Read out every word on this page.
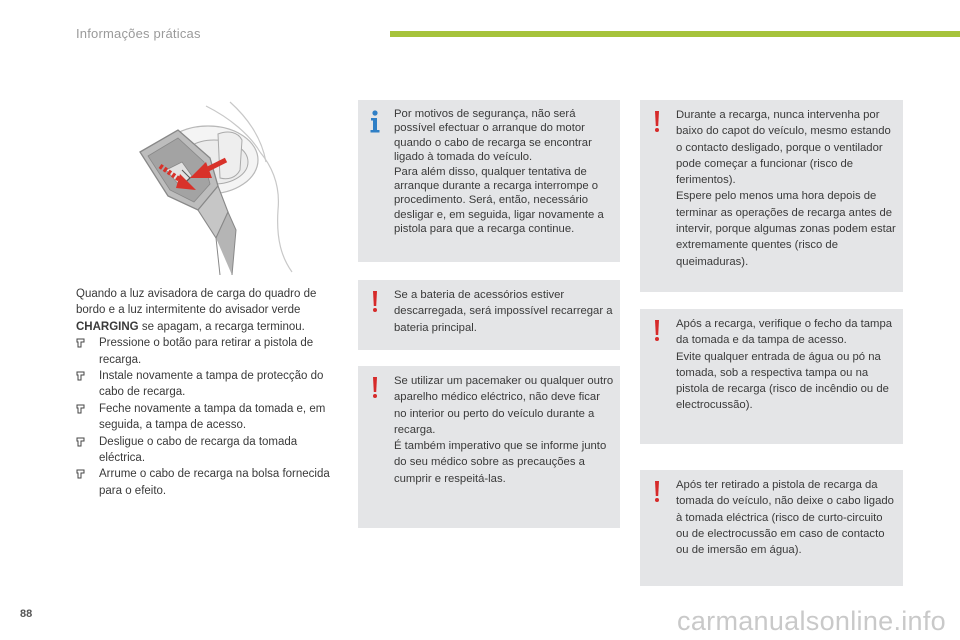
Informações práticas

Quando a luz avisadora de carga do quadro de bordo e a luz intermitente do avisador verde CHARGING se apagam, a recarga terminou.

Pressione o botão para retirar a pistola de recarga.
Instale novamente a tampa de protecção do cabo de recarga.
Feche novamente a tampa da tomada e, em seguida, a tampa de acesso.
Desligue o cabo de recarga da tomada eléctrica.
Arrume o cabo de recarga na bolsa fornecida para o efeito.

Por motivos de segurança, não será possível efectuar o arranque do motor quando o cabo de recarga se encontrar ligado à tomada do veículo.
Para além disso, qualquer tentativa de arranque durante a recarga interrompe o procedimento. Será, então, necessário desligar e, em seguida, ligar novamente a pistola para que a recarga continue.

Se a bateria de acessórios estiver descarregada, será impossível recarregar a bateria principal.

Se utilizar um pacemaker ou qualquer outro aparelho médico eléctrico, não deve ficar no interior ou perto do veículo durante a recarga.
É também imperativo que se informe junto do seu médico sobre as precauções a cumprir e respeitá-las.

Durante a recarga, nunca intervenha por baixo do capot do veículo, mesmo estando o contacto desligado, porque o ventilador pode começar a funcionar (risco de ferimentos).
Espere pelo menos uma hora depois de terminar as operações de recarga antes de intervir, porque algumas zonas podem estar extremamente quentes (risco de queimaduras).

Após a recarga, verifique o fecho da tampa da tomada e da tampa de acesso.
Evite qualquer entrada de água ou pó na tomada, sob a respectiva tampa ou na pistola de recarga (risco de incêndio ou de electrocussão).

Após ter retirado a pistola de recarga da tomada do veículo, não deixe o cabo ligado à tomada eléctrica (risco de curto-circuito ou de electrocussão em caso de contacto ou de imersão em água).

88	carmanualsonline.info
